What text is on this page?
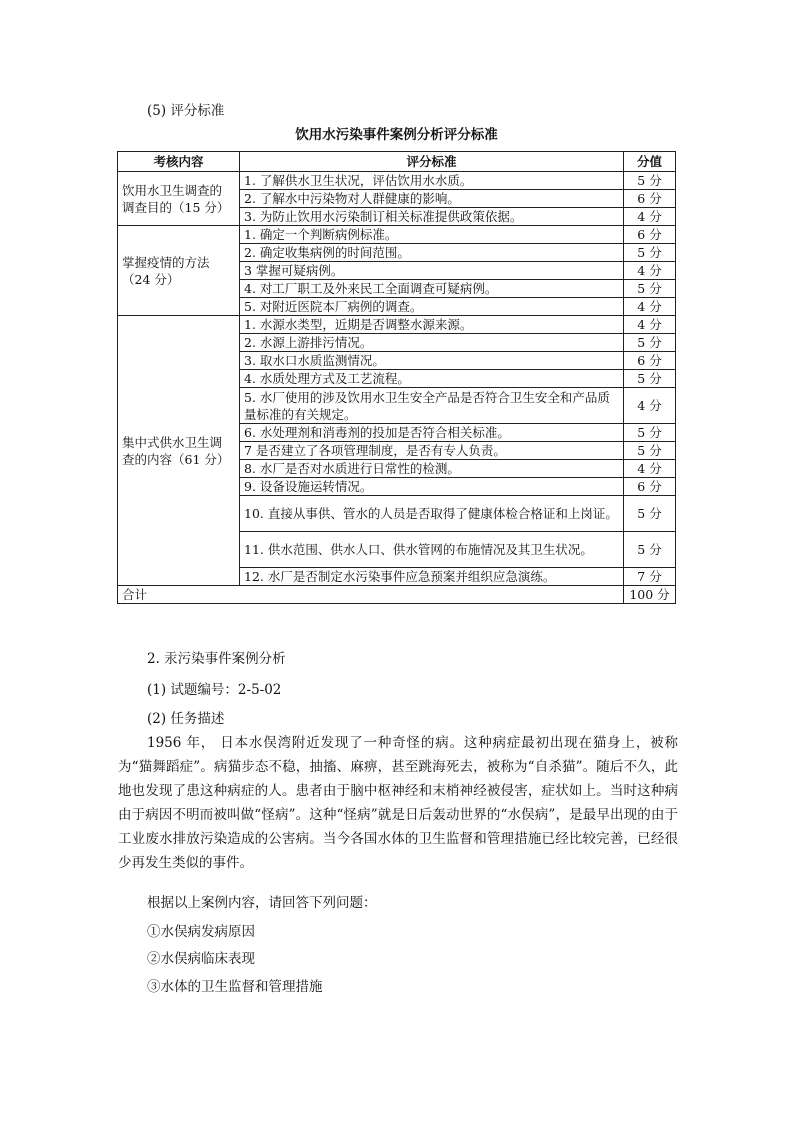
(5) 评分标准
饮用水污染事件案例分析评分标准
考核内容	评分标准	分值

饮用水卫生调查的调查目的（15 分）	1. 了解供水卫生状况，评估饮用水水质。	5 分
	2. 了解水中污染物对人群健康的影响。	6 分
	3. 为防止饮用水污染制订相关标准提供政策依据。	4 分

掌握疫情的方法（24 分）	1. 确定一个判断病例标准。	6 分
	2. 确定收集病例的时间范围。	5 分
	3 掌握可疑病例。	4 分
	4. 对工厂职工及外来民工全面调查可疑病例。	5 分
	5. 对附近医院本厂病例的调查。	4 分

集中式供水卫生调查的内容（61 分）	1. 水源水类型，近期是否调整水源来源。	4 分
	2. 水源上游排污情况。	5 分
	3. 取水口水质监测情况。	6 分
	4. 水质处理方式及工艺流程。	5 分
	5. 水厂使用的涉及饮用水卫生安全产品是否符合卫生安全和产品质量标准的有关规定。	4 分
	6. 水处理剂和消毒剂的投加是否符合相关标准。	5 分
	7 是否建立了各项管理制度，是否有专人负责。	5 分
	8. 水厂是否对水质进行日常性的检测。	4 分
	9. 设备设施运转情况。	6 分
	10. 直接从事供、管水的人员是否取得了健康体检合格证和上岗证。	5 分
	11. 供水范围、供水人口、供水管网的布施情况及其卫生状况。	5 分
	12. 水厂是否制定水污染事件应急预案并组织应急演练。	7 分
合计		100 分
2. 汞污染事件案例分析
(1) 试题编号：2-5-02
(2) 任务描述
1956 年， 日本水俣湾附近发现了一种奇怪的病。这种病症最初出现在猫身上，被称为“猫舞蹈症”。病猫步态不稳，抽搐、麻痹，甚至跳海死去，被称为“自杀猫”。随后不久，此地也发现了患这种病症的人。患者由于脑中枢神经和末梢神经被侵害，症状如上。当时这种病由于病因不明而被叫做“怪病”。这种“怪病”就是日后轰动世界的“水俣病”，是最早出现的由于工业废水排放污染造成的公害病。当今各国水体的卫生监督和管理措施已经比较完善，已经很少再发生类似的事件。
根据以上案例内容，请回答下列问题：
①水俣病发病原因
②水俣病临床表现
③水体的卫生监督和管理措施
